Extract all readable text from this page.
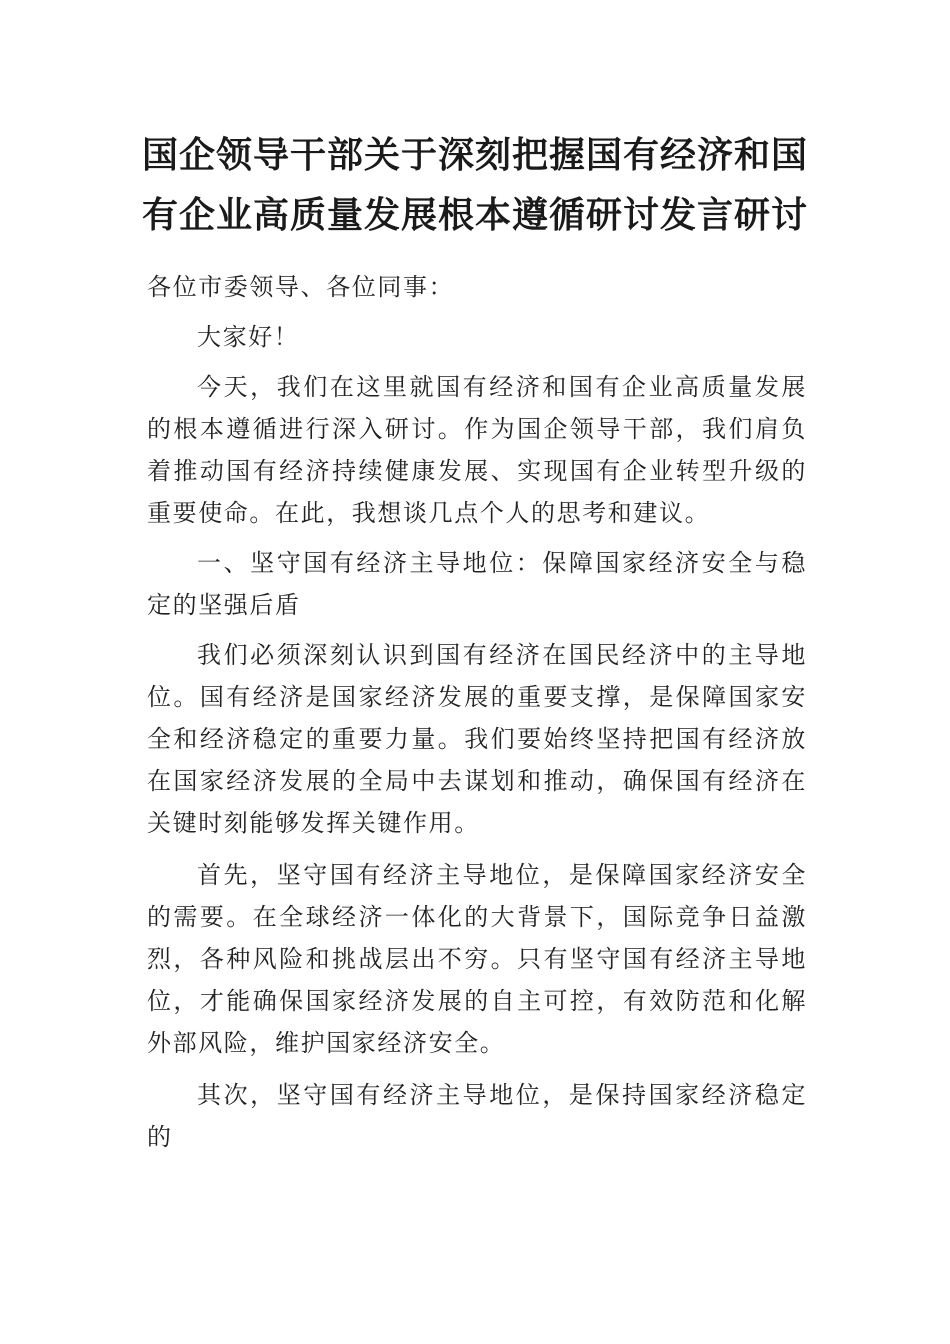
国企领导干部关于深刻把握国有经济和国
有企业高质量发展根本遵循研讨发言研讨

各位市委领导、各位同事：

大家好！

今天，我们在这里就国有经济和国有企业高质量发展的根本遵循进行深入研讨。作为国企领导干部，我们肩负着推动国有经济持续健康发展、实现国有企业转型升级的重要使命。在此，我想谈几点个人的思考和建议。

一、坚守国有经济主导地位：保障国家经济安全与稳定的坚强后盾

我们必须深刻认识到国有经济在国民经济中的主导地位。国有经济是国家经济发展的重要支撑，是保障国家安全和经济稳定的重要力量。我们要始终坚持把国有经济放在国家经济发展的全局中去谋划和推动，确保国有经济在关键时刻能够发挥关键作用。

首先，坚守国有经济主导地位，是保障国家经济安全的需要。在全球经济一体化的大背景下，国际竞争日益激烈，各种风险和挑战层出不穷。只有坚守国有经济主导地位，才能确保国家经济发展的自主可控，有效防范和化解外部风险，维护国家经济安全。

其次，坚守国有经济主导地位，是保持国家经济稳定的
